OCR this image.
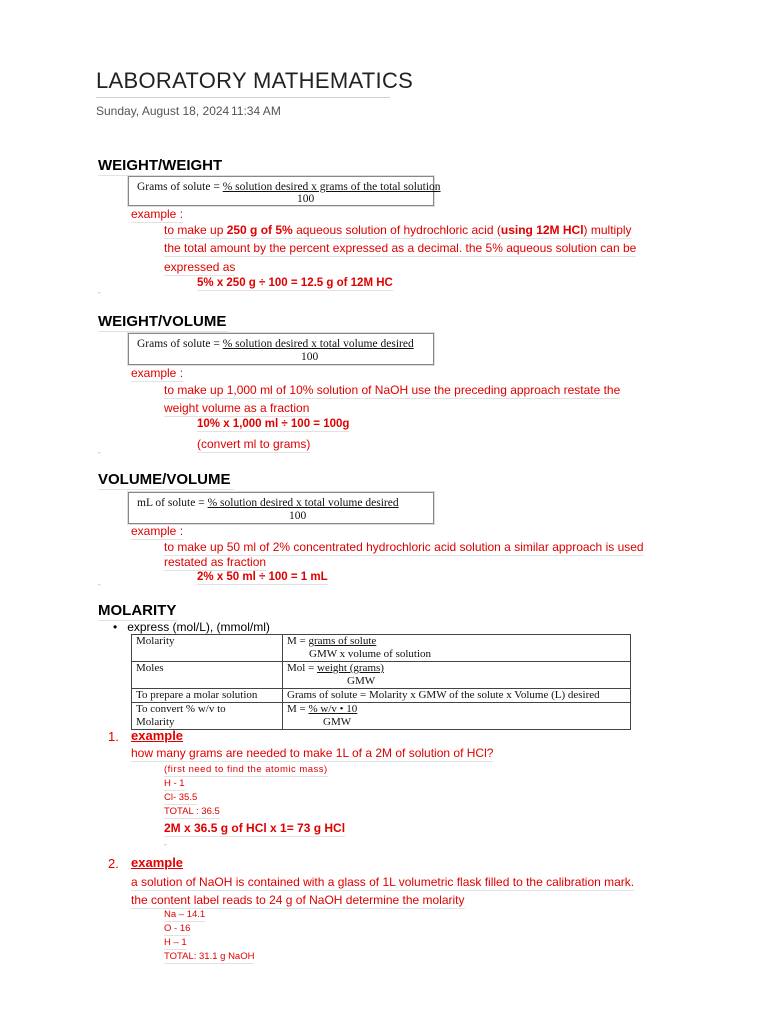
LABORATORY MATHEMATICS
Sunday, August 18, 2024 11:34 AM
WEIGHT/WEIGHT
Grams of solute = % solution desired x grams of the total solution
100
example :
to make up 250 g of 5% aqueous solution of hydrochloric acid (using 12M HCl) multiply
the total amount by the percent expressed as a decimal. the 5% aqueous solution can be
expressed as
5% x 250 g ÷ 100 = 12.5 g of 12M HC
-
WEIGHT/VOLUME
Grams of solute = % solution desired x total volume desired
100
example :
to make up 1,000 ml of 10% solution of NaOH use the preceding approach restate the
weight volume as a fraction
10% x 1,000 ml ÷ 100 = 100g
(convert ml to grams)
-
VOLUME/VOLUME
mL of solute = % solution desired x total volume desired
100
example :
to make up 50 ml of 2% concentrated hydrochloric acid solution a similar approach is used
restated as fraction
2% x 50 ml ÷ 100 = 1 mL
-
MOLARITY
• express (mol/L), (mmol/ml)
Molarity	M = grams of solute
GMW x volume of solution
Moles	Mol = weight (grams)
GMW
To prepare a molar solution	Grams of solute = Molarity x GMW of the solute x Volume (L) desired
To convert % w/v to
Molarity	M = % w/v • 10
GMW
1. example
how many grams are needed to make 1L of a 2M of solution of HCl?
(first need to find the atomic mass)
H - 1
Cl- 35.5
TOTAL : 36.5
2M x 36.5 g of HCl x 1= 73 g HCl
-
2. example
a solution of NaOH is contained with a glass of 1L volumetric flask filled to the calibration mark.
the content label reads to 24 g of NaOH determine the molarity
Na – 14.1
O - 16
H – 1
TOTAL: 31.1 g NaOH
